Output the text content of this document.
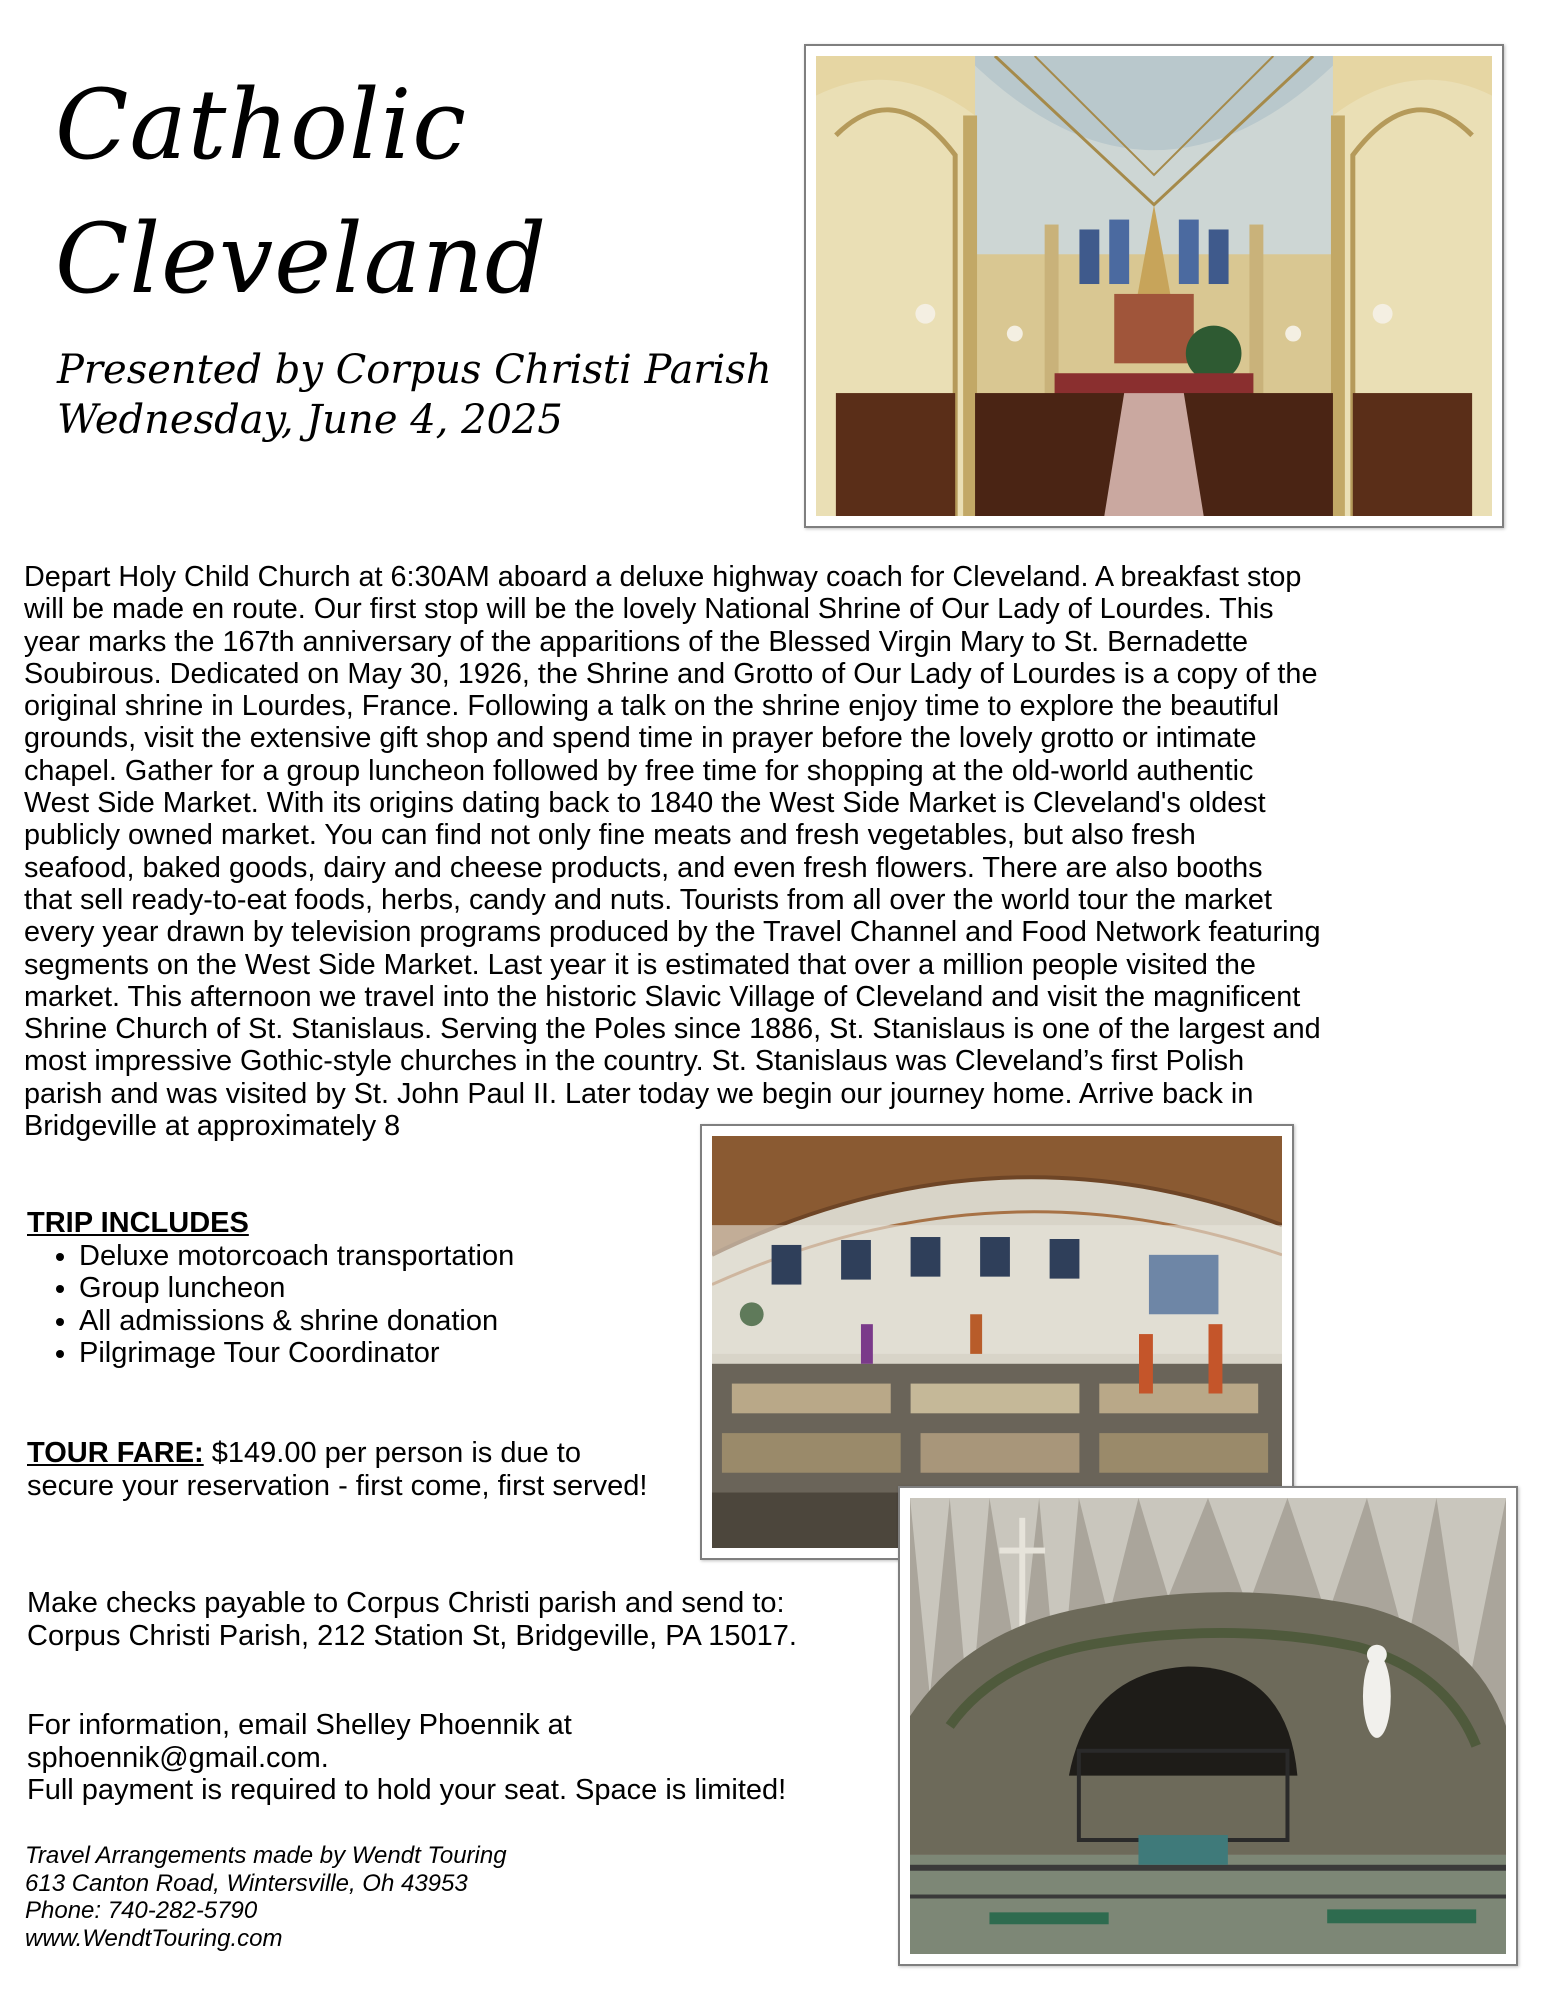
Catholic
Cleveland
Presented by Corpus Christi Parish
Wednesday, June 4, 2025

Depart Holy Child Church at 6:30AM aboard a deluxe highway coach for Cleveland. A breakfast stop
will be made en route. Our first stop will be the lovely National Shrine of Our Lady of Lourdes. This
year marks the 167th anniversary of the apparitions of the Blessed Virgin Mary to St. Bernadette
Soubirous. Dedicated on May 30, 1926, the Shrine and Grotto of Our Lady of Lourdes is a copy of the
original shrine in Lourdes, France. Following a talk on the shrine enjoy time to explore the beautiful
grounds, visit the extensive gift shop and spend time in prayer before the lovely grotto or intimate
chapel. Gather for a group luncheon followed by free time for shopping at the old-world authentic
West Side Market. With its origins dating back to 1840 the West Side Market is Cleveland's oldest
publicly owned market. You can find not only fine meats and fresh vegetables, but also fresh
seafood, baked goods, dairy and cheese products, and even fresh flowers. There are also booths
that sell ready-to-eat foods, herbs, candy and nuts. Tourists from all over the world tour the market
every year drawn by television programs produced by the Travel Channel and Food Network featuring
segments on the West Side Market. Last year it is estimated that over a million people visited the
market. This afternoon we travel into the historic Slavic Village of Cleveland and visit the magnificent
Shrine Church of St. Stanislaus. Serving the Poles since 1886, St. Stanislaus is one of the largest and
most impressive Gothic-style churches in the country. St. Stanislaus was Cleveland’s first Polish
parish and was visited by St. John Paul II. Later today we begin our journey home. Arrive back in
Bridgeville at approximately 8

TRIP INCLUDES
• Deluxe motorcoach transportation
• Group luncheon
• All admissions & shrine donation
• Pilgrimage Tour Coordinator
TOUR FARE: $149.00 per person is due to secure your reservation - first come, first served!
Make checks payable to Corpus Christi parish and send to:
Corpus Christi Parish, 212 Station St, Bridgeville, PA 15017.
For information, email Shelley Phoennik at
sphoennik@gmail.com.
Full payment is required to hold your seat. Space is limited!
Travel Arrangements made by Wendt Touring
613 Canton Road, Wintersville, Oh 43953
Phone: 740-282-5790
www.WendtTouring.com
